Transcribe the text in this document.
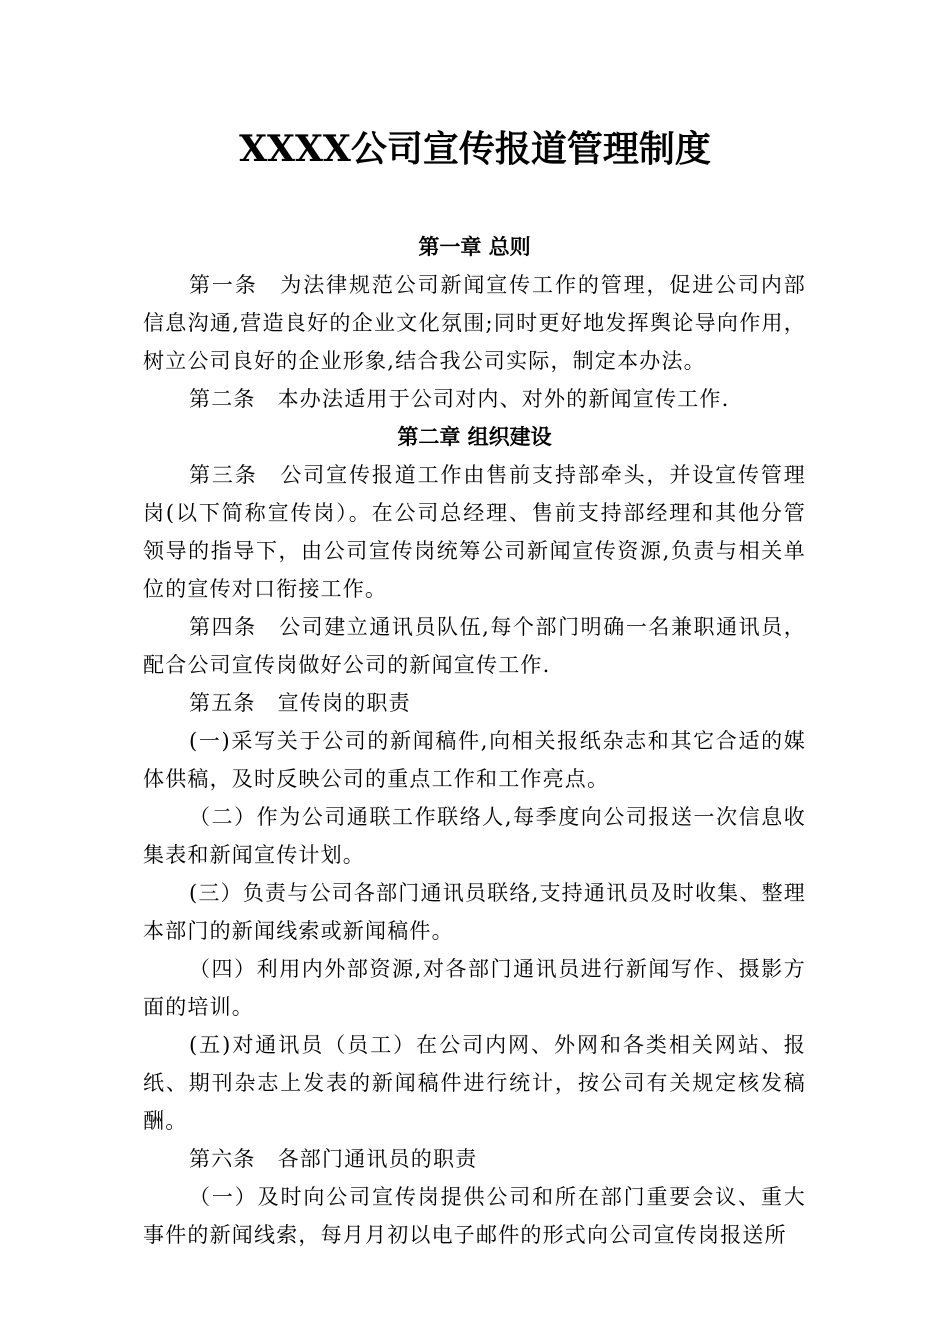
XXXX公司宣传报道管理制度

第一章 总则

第一条 为法律规范公司新闻宣传工作的管理，促进公司内部信息沟通,营造良好的企业文化氛围;同时更好地发挥舆论导向作用，树立公司良好的企业形象,结合我公司实际，制定本办法。

第二条 本办法适用于公司对内、对外的新闻宣传工作.

第二章 组织建设

第三条 公司宣传报道工作由售前支持部牵头，并设宣传管理岗(以下简称宣传岗）。在公司总经理、售前支持部经理和其他分管领导的指导下，由公司宣传岗统筹公司新闻宣传资源,负责与相关单位的宣传对口衔接工作。

第四条 公司建立通讯员队伍,每个部门明确一名兼职通讯员，配合公司宣传岗做好公司的新闻宣传工作.

第五条 宣传岗的职责

(一)采写关于公司的新闻稿件,向相关报纸杂志和其它合适的媒体供稿，及时反映公司的重点工作和工作亮点。

（二）作为公司通联工作联络人,每季度向公司报送一次信息收集表和新闻宣传计划。

(三）负责与公司各部门通讯员联络,支持通讯员及时收集、整理本部门的新闻线索或新闻稿件。

（四）利用内外部资源,对各部门通讯员进行新闻写作、摄影方面的培训。

(五)对通讯员（员工）在公司内网、外网和各类相关网站、报纸、期刊杂志上发表的新闻稿件进行统计，按公司有关规定核发稿酬。

第六条 各部门通讯员的职责

（一）及时向公司宣传岗提供公司和所在部门重要会议、重大事件的新闻线索，每月月初以电子邮件的形式向公司宣传岗报送所
